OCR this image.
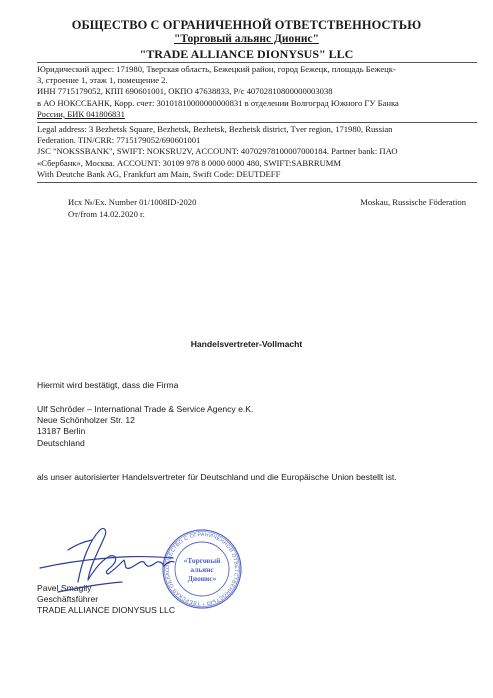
ОБЩЕСТВО С ОГРАНИЧЕННОЙ ОТВЕТСТВЕННОСТЬЮ
"Торговый альянс Дионис"
"TRADE ALLIANCE DIONYSUS" LLC
Юридический адрес: 171980, Тверская область, Бежецкий район, город Бежецк, площадь Бежецк-
3, строение 1, этаж 1, помещение 2.
ИНН 7715179052, КПП 690601001, ОКПО 47638833, Р/с 40702810800000003038
в АО НОКССБАНК, Корр. счет: 30101810000000000831 в отделении Волгоград Южного ГУ Банка
России, БИК 041806831
Legal address: 3 Bezhetsk Square, Bezhetsk, Bezhetsk, Bezhetsk district, Tver region, 171980, Russian
Federation. TIN/CRR: 7715179052/690601001
JSC "NOKSSBANK", SWIFT: NOKSRU2V, ACCOUNT: 40702978100007000184. Partner bank: ПАО
«Сбербанк», Москва. ACCOUNT: 30109 978 8 0000 0000 480, SWIFT:SABRRUMM
With Deutche Bank AG, Frankfurt am Main, Swift Code: DEUTDEFF
Исх №/Ex. Number 01/1008ID-2020
От/from 14.02.2020 г.
Moskau, Russische Föderation
Handelsvertreter-Vollmacht
Hiermit wird bestätigt, dass die Firma
Ulf Schröder – International Trade & Service Agency e.K.
Neue Schönholzer Str. 12
13187 Berlin
Deutschland
als unser autorisierter Handelsvertreter für Deutschland und die Europäische Union bestellt ist.
Pavel Smagliy
Geschäftsführer
TRADE ALLIANCE DIONYSUS LLC
ОБЩЕСТВО С ОГРАНИЧЕННОЙ ОТВЕТСТВЕННОСТЬЮ * ТВЕРСКАЯ ОБЛАС
«Торговый
альянс
Дионис»
